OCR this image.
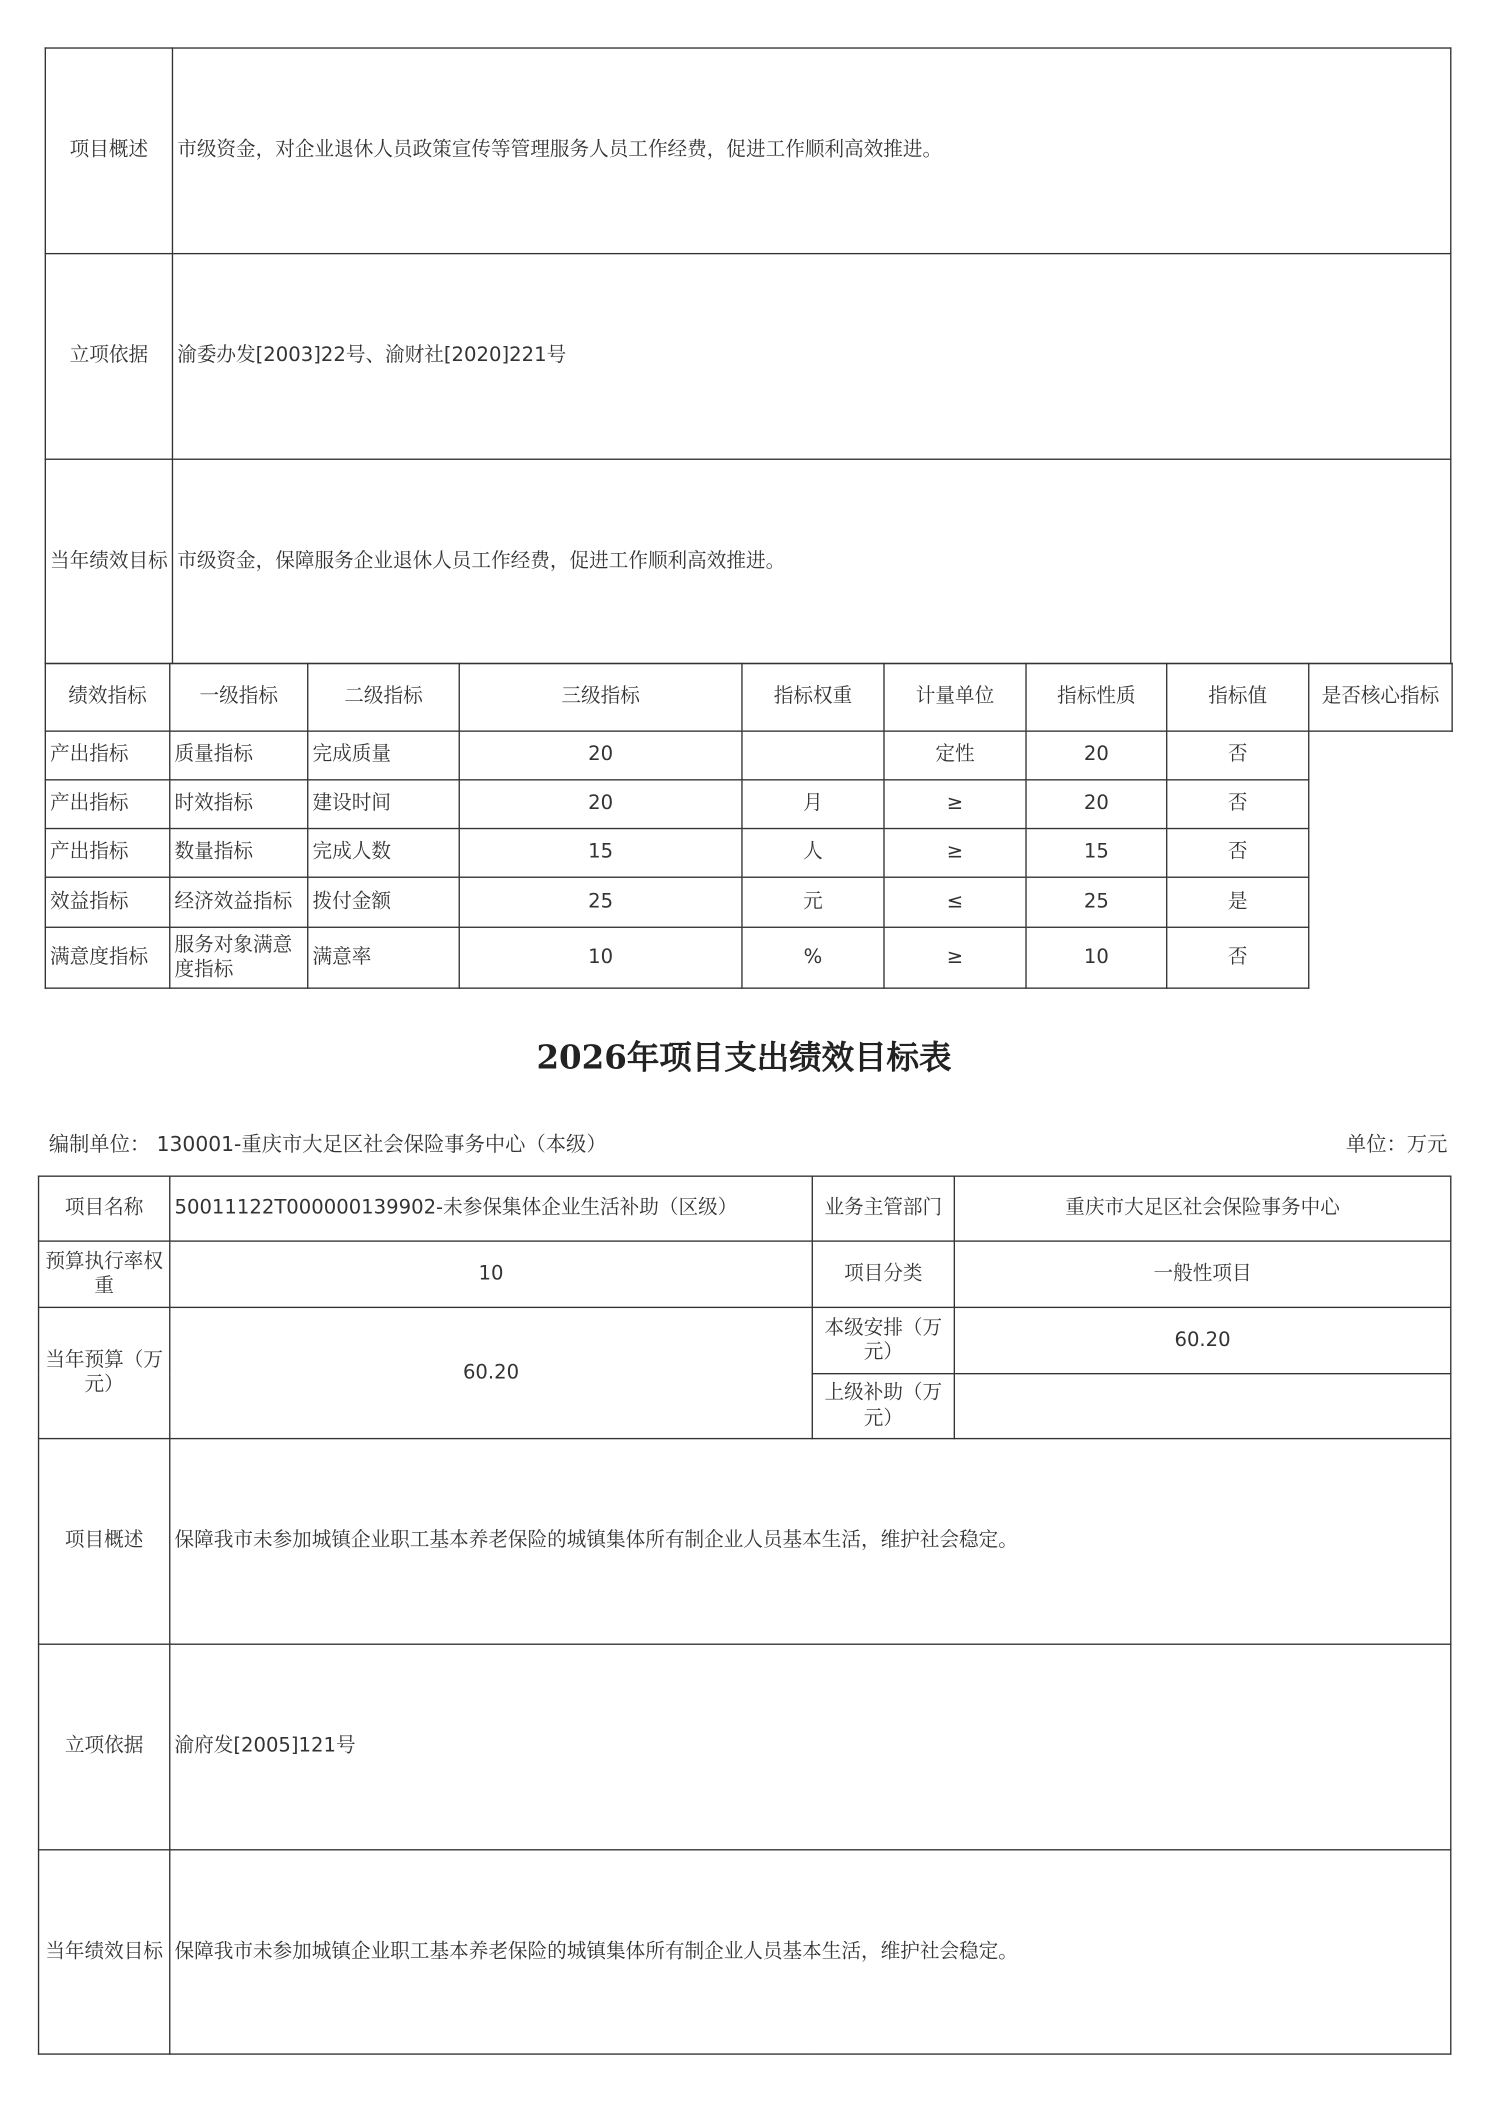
项目概述	市级资金，对企业退休人员政策宣传等管理服务人员工作经费，促进工作顺利高效推进。
立项依据	渝委办发[2003]22号、渝财社[2020]221号
当年绩效目标	市级资金，保障服务企业退休人员工作经费，促进工作顺利高效推进。
绩效指标	一级指标	二级指标	三级指标	指标权重	计量单位	指标性质	指标值	是否核心指标
产出指标	质量指标	完成质量	20		定性	20	否	
产出指标	时效指标	建设时间	20	月	≥	20	否	
产出指标	数量指标	完成人数	15	人	≥	15	否	
效益指标	经济效益指标	拨付金额	25	元	≤	25	是	
满意度指标	服务对象满意度指标	满意率	10	%	≥	10	否	
2026年项目支出绩效目标表
编制单位： 130001-重庆市大足区社会保险事务中心（本级）	单位：万元
项目名称	50011122T000000139902-未参保集体企业生活补助（区级）	业务主管部门	重庆市大足区社会保险事务中心
预算执行率权重	10	项目分类	一般性项目
当年预算（万元）	60.20	本级安排（万元）	60.20
		上级补助（万元）	
项目概述	保障我市未参加城镇企业职工基本养老保险的城镇集体所有制企业人员基本生活，维护社会稳定。		
立项依据	渝府发[2005]121号		
当年绩效目标	保障我市未参加城镇企业职工基本养老保险的城镇集体所有制企业人员基本生活，维护社会稳定。		
